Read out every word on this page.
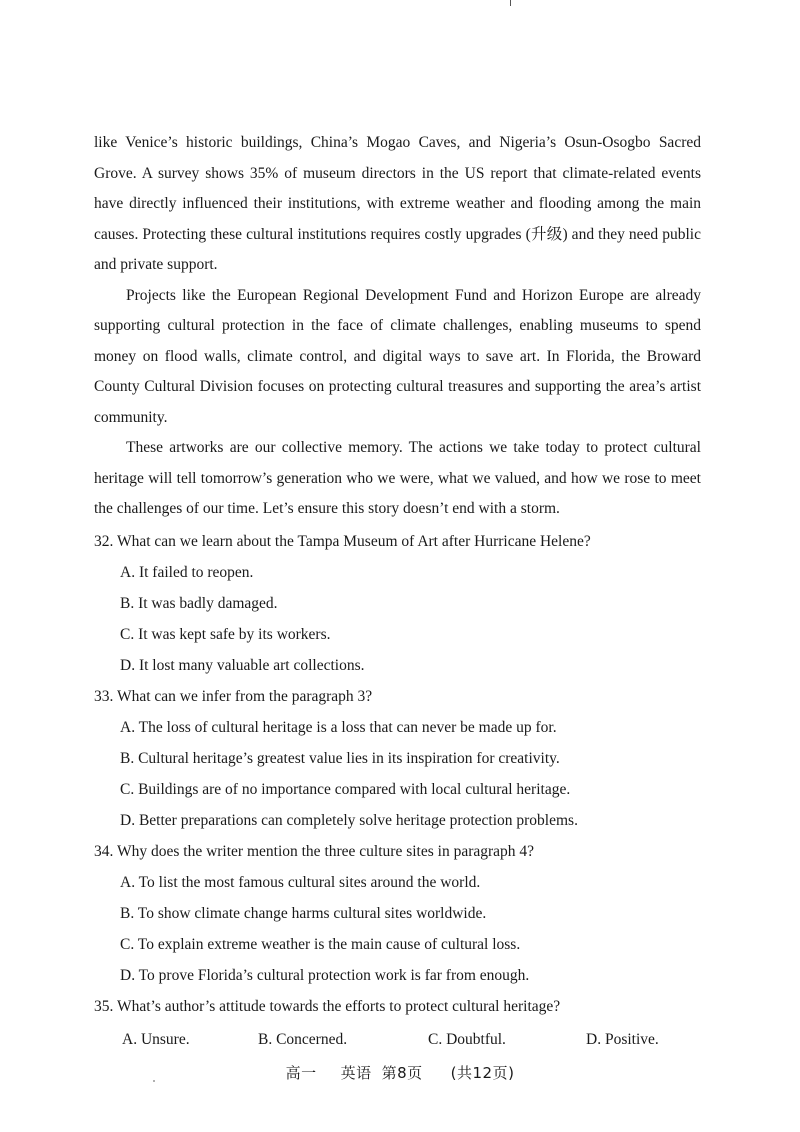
like Venice’s historic buildings, China’s Mogao Caves, and Nigeria’s Osun-Osogbo Sacred Grove. A survey shows 35% of museum directors in the US report that climate-related events have directly influenced their institutions, with extreme weather and flooding among the main causes. Protecting these cultural institutions requires costly upgrades (升级) and they need public and private support.

Projects like the European Regional Development Fund and Horizon Europe are already supporting cultural protection in the face of climate challenges, enabling museums to spend money on flood walls, climate control, and digital ways to save art. In Florida, the Broward County Cultural Division focuses on protecting cultural treasures and supporting the area’s artist community.

These artworks are our collective memory. The actions we take today to protect cultural heritage will tell tomorrow’s generation who we were, what we valued, and how we rose to meet the challenges of our time. Let’s ensure this story doesn’t end with a storm.

32. What can we learn about the Tampa Museum of Art after Hurricane Helene?
A. It failed to reopen.
B. It was badly damaged.
C. It was kept safe by its workers.
D. It lost many valuable art collections.
33. What can we infer from the paragraph 3?
A. The loss of cultural heritage is a loss that can never be made up for.
B. Cultural heritage’s greatest value lies in its inspiration for creativity.
C. Buildings are of no importance compared with local cultural heritage.
D. Better preparations can completely solve heritage protection problems.
34. Why does the writer mention the three culture sites in paragraph 4?
A. To list the most famous cultural sites around the world.
B. To show climate change harms cultural sites worldwide.
C. To explain extreme weather is the main cause of cultural loss.
D. To prove Florida’s cultural protection work is far from enough.
35. What’s author’s attitude towards the efforts to protect cultural heritage?
A. Unsure.	B. Concerned.	C. Doubtful.	D. Positive.
高一 英语 第8页 (共12页)
